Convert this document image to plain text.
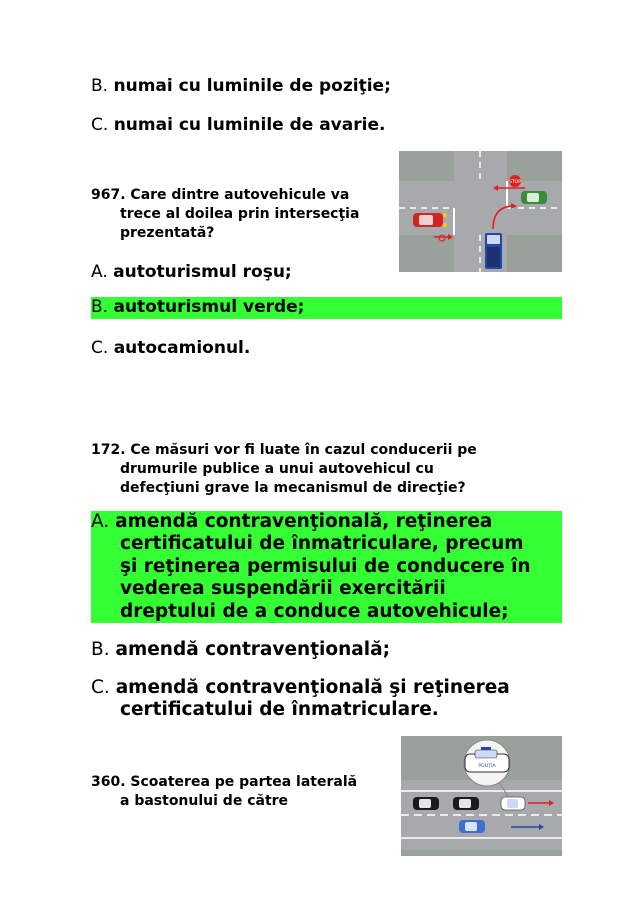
B. numai cu luminile de poziţie;
C. numai cu luminile de avarie.
967. Care dintre autovehicule va
trece al doilea prin intersecţia
prezentată?
STOP
A. autoturismul roşu;
B. autoturismul verde;
C. autocamionul.
172. Ce măsuri vor fi luate în cazul conducerii pe
drumurile publice a unui autovehicul cu
defecţiuni grave la mecanismul de direcţie?
A. amendă contravenţională, reţinerea
certificatului de înmatriculare, precum
şi reţinerea permisului de conducere în
vederea suspendării exercitării
dreptului de a conduce autovehicule;
B. amendă contravenţională;
C. amendă contravenţională şi reţinerea
certificatului de înmatriculare.
360. Scoaterea pe partea laterală
a bastonului de către
POLIŢIA
